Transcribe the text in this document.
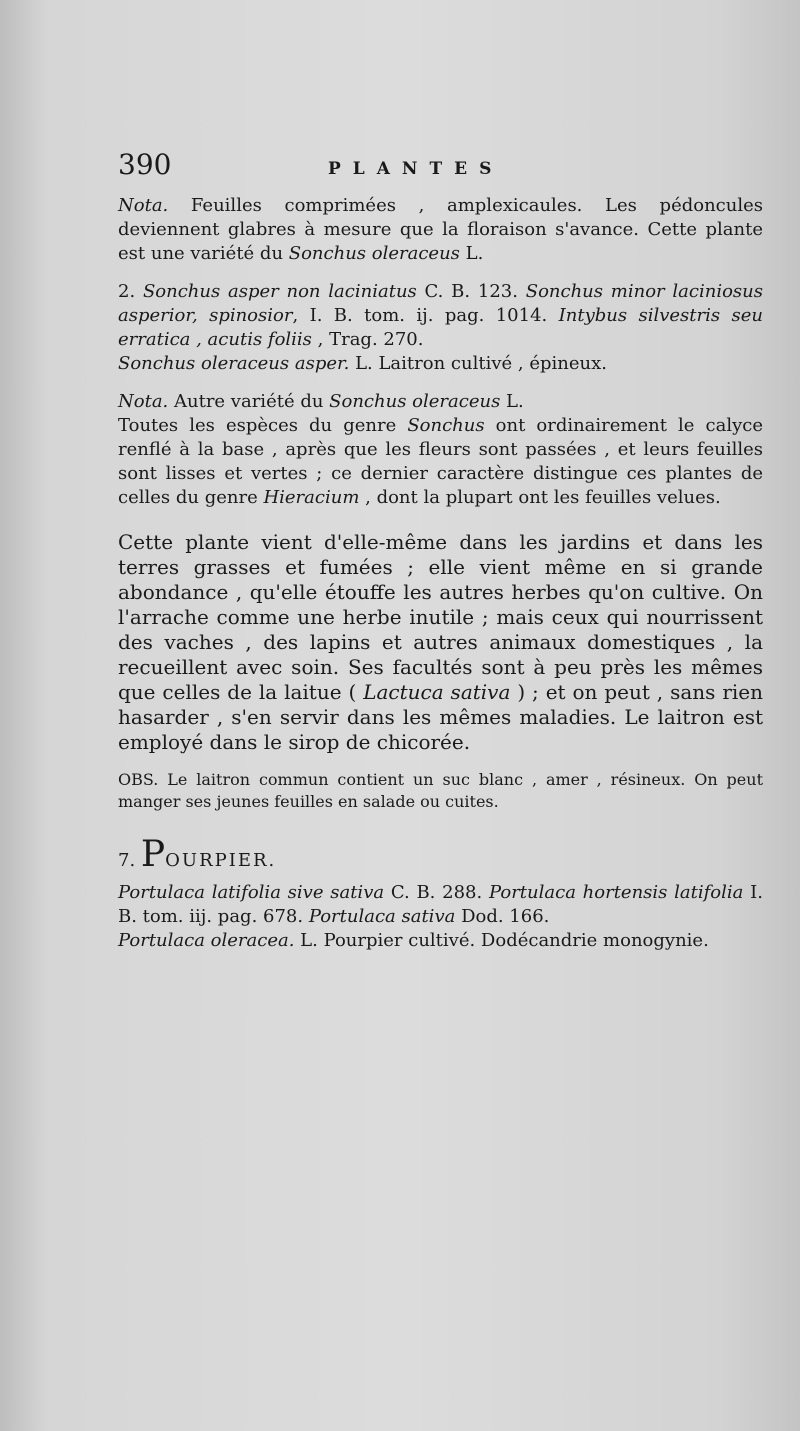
390	PLANTES

Nota. Feuilles comprimées , amplexicaules. Les pédoncules deviennent glabres à mesure que la floraison s'avance. Cette plante est une variété du Sonchus oleraceus L.

2. Sonchus asper non laciniatus C. B. 123. Sonchus minor laciniosus asperior, spinosior, I. B. tom. ij. pag. 1014. Intybus silvestris seu erratica , acutis foliis , Trag. 270.

Sonchus oleraceus asper. L. Laitron cultivé , épineux.

Nota. Autre variété du Sonchus oleraceus L.

Toutes les espèces du genre Sonchus ont ordinairement le calyce renflé à la base , après que les fleurs sont passées , et leurs feuilles sont lisses et vertes ; ce dernier caractère distingue ces plantes de celles du genre Hieracium , dont la plupart ont les feuilles velues.

Cette plante vient d'elle-même dans les jardins et dans les terres grasses et fumées ; elle vient même en si grande abondance , qu'elle étouffe les autres herbes qu'on cultive. On l'arrache comme une herbe inutile ; mais ceux qui nourrissent des vaches , des lapins et autres animaux domestiques , la recueillent avec soin. Ses facultés sont à peu près les mêmes que celles de la laitue ( Lactuca sativa ) ; et on peut , sans rien hasarder , s'en servir dans les mêmes maladies. Le laitron est employé dans le sirop de chicorée.

OBS. Le laitron commun contient un suc blanc , amer , résineux. On peut manger ses jeunes feuilles en salade ou cuites.

7. POURPIER.

Portulaca latifolia sive sativa C. B. 288. Portulaca hortensis latifolia I. B. tom. iij. pag. 678. Portulaca sativa Dod. 166.

Portulaca oleracea. L. Pourpier cultivé. Dodécandrie monogynie.
